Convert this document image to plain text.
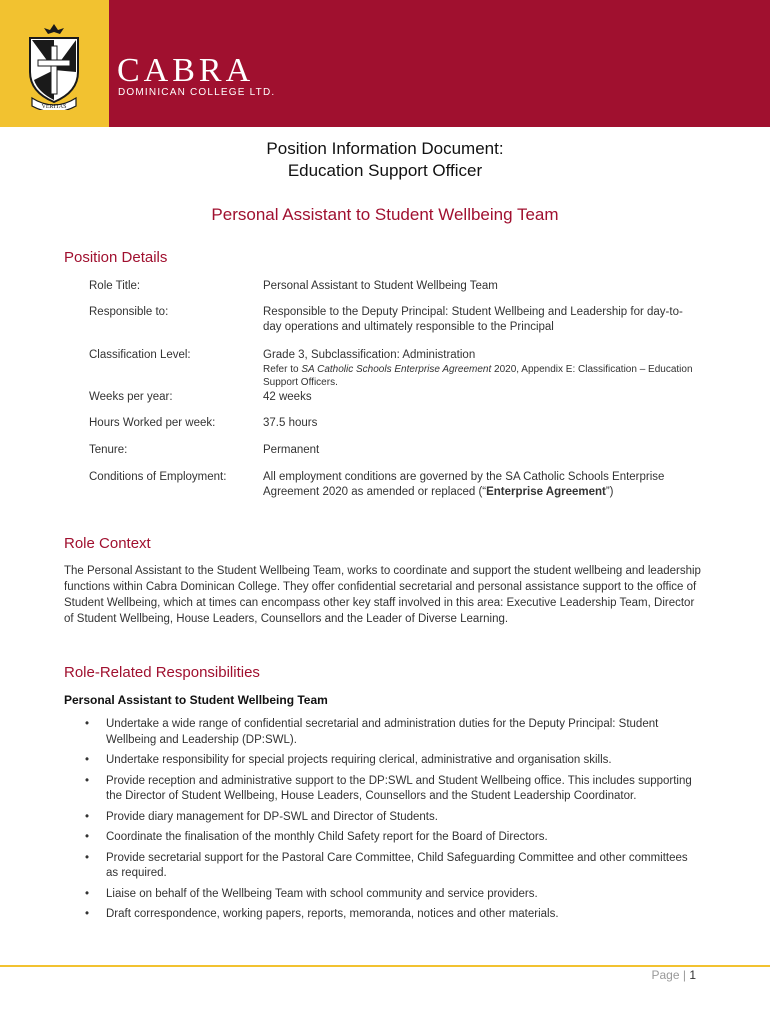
VERITAS
CABRA
DOMINICAN COLLEGE LTD.
Position Information Document:
Education Support Officer
Personal Assistant to Student Wellbeing Team
Position Details
Role Title:	Personal Assistant to Student Wellbeing Team
Responsible to:	Responsible to the Deputy Principal: Student Wellbeing and Leadership for day-to-day operations and ultimately responsible to the Principal
Classification Level:	Grade 3, Subclassification: Administration
Refer to SA Catholic Schools Enterprise Agreement 2020, Appendix E: Classification – Education Support Officers.
Weeks per year:	42 weeks
Hours Worked per week:	37.5 hours
Tenure:	Permanent
Conditions of Employment:	All employment conditions are governed by the SA Catholic Schools Enterprise Agreement 2020 as amended or replaced (“Enterprise Agreement”)
Role Context
The Personal Assistant to the Student Wellbeing Team, works to coordinate and support the student wellbeing and leadership functions within Cabra Dominican College. They offer confidential secretarial and personal assistance support to the office of Student Wellbeing, which at times can encompass other key staff involved in this area: Executive Leadership Team, Director of Student Wellbeing, House Leaders, Counsellors and the Leader of Diverse Learning.
Role-Related Responsibilities
Personal Assistant to Student Wellbeing Team
• Undertake a wide range of confidential secretarial and administration duties for the Deputy Principal: Student Wellbeing and Leadership (DP:SWL).
• Undertake responsibility for special projects requiring clerical, administrative and organisation skills.
• Provide reception and administrative support to the DP:SWL and Student Wellbeing office. This includes supporting the Director of Student Wellbeing, House Leaders, Counsellors and the Student Leadership Coordinator.
• Provide diary management for DP-SWL and Director of Students.
• Coordinate the finalisation of the monthly Child Safety report for the Board of Directors.
• Provide secretarial support for the Pastoral Care Committee, Child Safeguarding Committee and other committees as required.
• Liaise on behalf of the Wellbeing Team with school community and service providers.
• Draft correspondence, working papers, reports, memoranda, notices and other materials.
Page | 1
